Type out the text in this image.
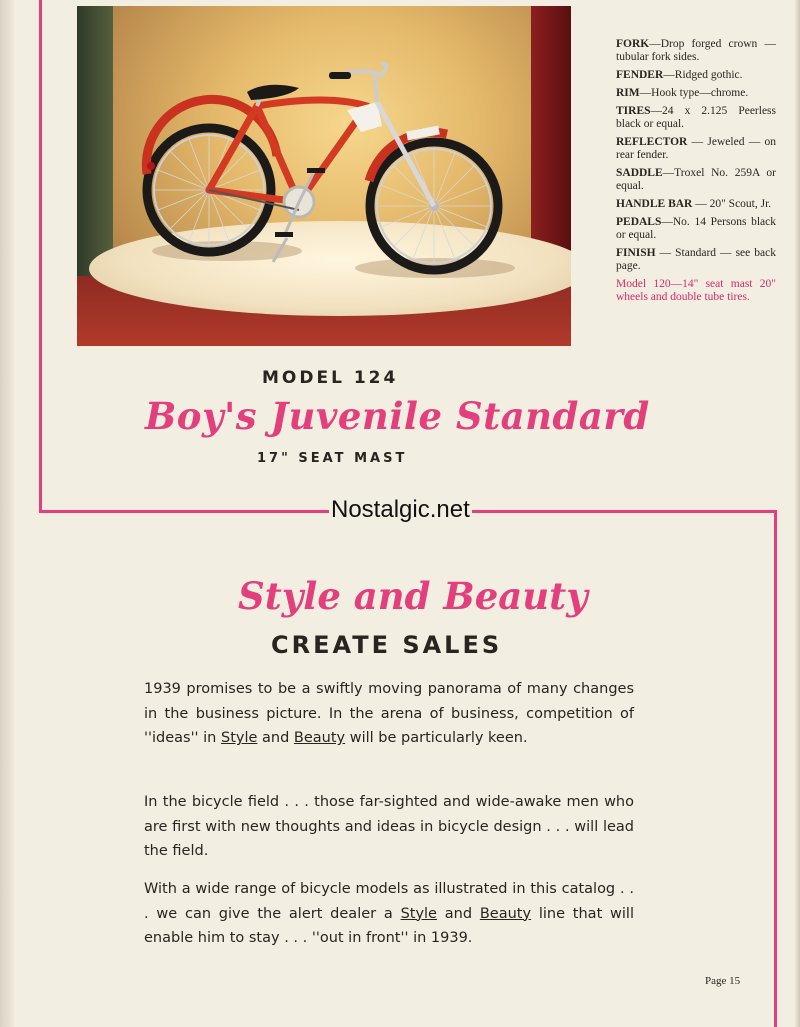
FORK—Drop forged crown —tubular fork sides.
FENDER—Ridged gothic.
RIM—Hook type—chrome.
TIRES—24 x 2.125 Peerless black or equal.
REFLECTOR — Jeweled — on rear fender.
SADDLE—Troxel No. 259A or equal.
HANDLE BAR — 20" Scout, Jr.
PEDALS—No. 14 Persons black or equal.
FINISH — Standard — see back page.
Model 120—14" seat mast 20" wheels and double tube tires.
MODEL 124
Boy's Juvenile Standard
17" SEAT MAST
Nostalgic.net
Style and Beauty
CREATE SALES
1939 promises to be a swiftly moving panorama of many changes in the business picture. In the arena of business, competition of ''ideas'' in Style and Beauty will be particularly keen.
In the bicycle field . . . those far-sighted and wide-awake men who are first with new thoughts and ideas in bicycle design . . . will lead the field.
With a wide range of bicycle models as illustrated in this catalog . . . we can give the alert dealer a Style and Beauty line that will enable him to stay . . . ''out in front'' in 1939.
Page 15
